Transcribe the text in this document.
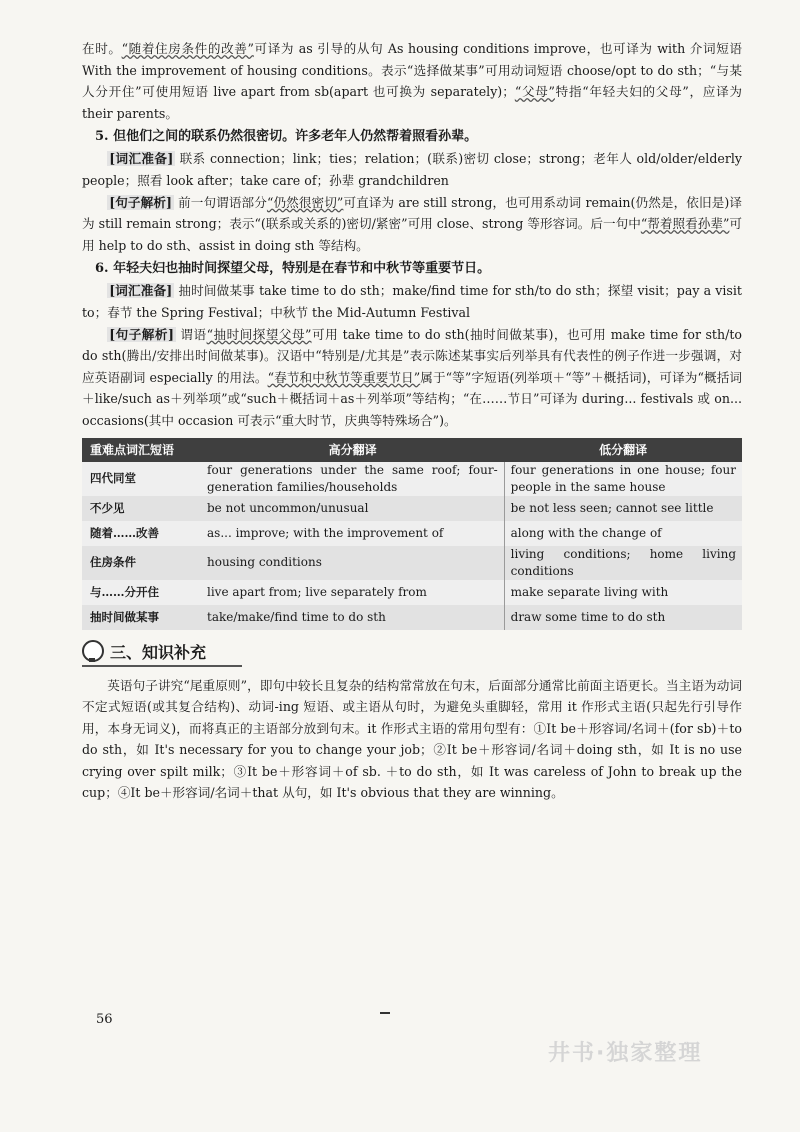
在时。“随着住房条件的改善”可译为 as 引导的从句 As housing conditions improve，也可译为 with 介词短语 With the improvement of housing conditions。表示“选择做某事”可用动词短语 choose/opt to do sth；“与某人分开住”可使用短语 live apart from sb(apart 也可换为 separately)；“父母”特指“年轻夫妇的父母”，应译为 their parents。

5. 但他们之间的联系仍然很密切。许多老年人仍然帮着照看孙辈。

[词汇准备] 联系 connection；link；ties；relation；(联系)密切 close；strong；老年人 old/older/elderly people；照看 look after；take care of；孙辈 grandchildren

[句子解析] 前一句谓语部分“仍然很密切”可直译为 are still strong，也可用系动词 remain(仍然是，依旧是)译为 still remain strong；表示“(联系或关系的)密切/紧密”可用 close、strong 等形容词。后一句中“帮着照看孙辈”可用 help to do sth、assist in doing sth 等结构。

6. 年轻夫妇也抽时间探望父母，特别是在春节和中秋节等重要节日。

[词汇准备] 抽时间做某事 take time to do sth；make/find time for sth/to do sth；探望 visit；pay a visit to；春节 the Spring Festival；中秋节 the Mid-Autumn Festival

[句子解析] 谓语“抽时间探望父母”可用 take time to do sth(抽时间做某事)，也可用 make time for sth/to do sth(腾出/安排出时间做某事)。汉语中“特别是/尤其是”表示陈述某事实后列举具有代表性的例子作进一步强调，对应英语副词 especially 的用法。“春节和中秋节等重要节日”属于“等”字短语(列举项＋“等”＋概括词)，可译为“概括词＋like/such as＋列举项”或“such＋概括词＋as＋列举项”等结构；“在……节日”可译为 during... festivals 或 on... occasions(其中 occasion 可表示“重大时节，庆典等特殊场合”)。

重难点词汇短语	高分翻译	低分翻译
四代同堂	four generations under the same roof; four-generation families/households	four generations in one house; four people in the same house
不少见	be not uncommon/unusual	be not less seen; cannot see little
随着……改善	as... improve; with the improvement of	along with the change of
住房条件	housing conditions	living conditions; home living conditions
与……分开住	live apart from; live separately from	make separate living with
抽时间做某事	take/make/find time to do sth	draw some time to do sth
三、知识补充

英语句子讲究“尾重原则”，即句中较长且复杂的结构常常放在句末，后面部分通常比前面主语更长。当主语为动词不定式短语(或其复合结构)、动词-ing 短语、或主语从句时，为避免头重脚轻，常用 it 作形式主语(只起先行引导作用，本身无词义)，而将真正的主语部分放到句末。it 作形式主语的常用句型有：①It be＋形容词/名词＋(for sb)＋to do sth，如 It's necessary for you to change your job；②It be＋形容词/名词＋doing sth，如 It is no use crying over spilt milk；③It be＋形容词＋of sb. ＋to do sth，如 It was careless of John to break up the cup；④It be＋形容词/名词＋that 从句，如 It's obvious that they are winning。

56
井书·独家整理
